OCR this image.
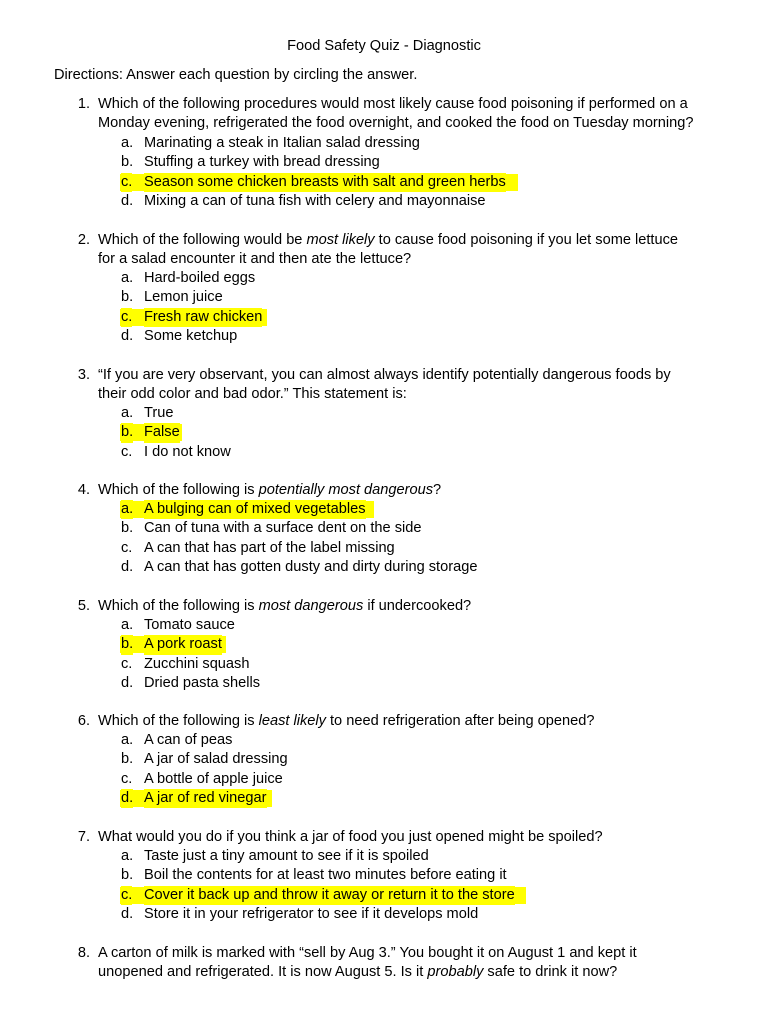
Food Safety Quiz - Diagnostic
Directions: Answer each question by circling the answer.
1. Which of the following procedures would most likely cause food poisoning if performed on a
Monday evening, refrigerated the food overnight, and cooked the food on Tuesday morning?
a. Marinating a steak in Italian salad dressing
b. Stuffing a turkey with bread dressing
c. Season some chicken breasts with salt and green herbs
d. Mixing a can of tuna fish with celery and mayonnaise
2. Which of the following would be most likely to cause food poisoning if you let some lettuce
for a salad encounter it and then ate the lettuce?
a. Hard-boiled eggs
b. Lemon juice
c. Fresh raw chicken
d. Some ketchup
3. “If you are very observant, you can almost always identify potentially dangerous foods by
their odd color and bad odor.” This statement is:
a. True
b. False
c. I do not know
4. Which of the following is potentially most dangerous?
a. A bulging can of mixed vegetables
b. Can of tuna with a surface dent on the side
c. A can that has part of the label missing
d. A can that has gotten dusty and dirty during storage
5. Which of the following is most dangerous if undercooked?
a. Tomato sauce
b. A pork roast
c. Zucchini squash
d. Dried pasta shells
6. Which of the following is least likely to need refrigeration after being opened?
a. A can of peas
b. A jar of salad dressing
c. A bottle of apple juice
d. A jar of red vinegar
7. What would you do if you think a jar of food you just opened might be spoiled?
a. Taste just a tiny amount to see if it is spoiled
b. Boil the contents for at least two minutes before eating it
c. Cover it back up and throw it away or return it to the store
d. Store it in your refrigerator to see if it develops mold
8. A carton of milk is marked with “sell by Aug 3.” You bought it on August 1 and kept it
unopened and refrigerated. It is now August 5. Is it probably safe to drink it now?
